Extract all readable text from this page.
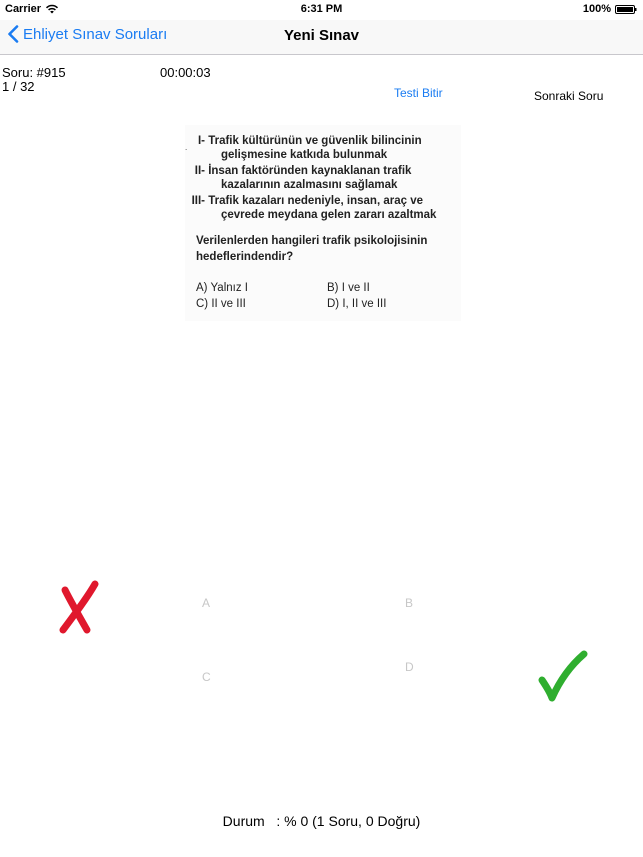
Carrier	6:31 PM	100%
Ehliyet Sınav Soruları	Yeni Sınav
Soru: #915
1 / 32
00:00:03
Testi Bitir	Sonraki Soru
.
I- Trafik kültürünün ve güvenlik bilincinin
gelişmesine katkıda bulunmak
II- İnsan faktöründen kaynaklanan trafik
kazalarının azalmasını sağlamak
III- Trafik kazaları nedeniyle, insan, araç ve
çevrede meydana gelen zararı azaltmak
Verilenlerden hangileri trafik psikolojisinin
hedeflerindendir?
A) Yalnız I	B) I ve II
C) II ve III	D) I, II ve III
A	B
C
D
Durum   : % 0 (1 Soru, 0 Doğru)
